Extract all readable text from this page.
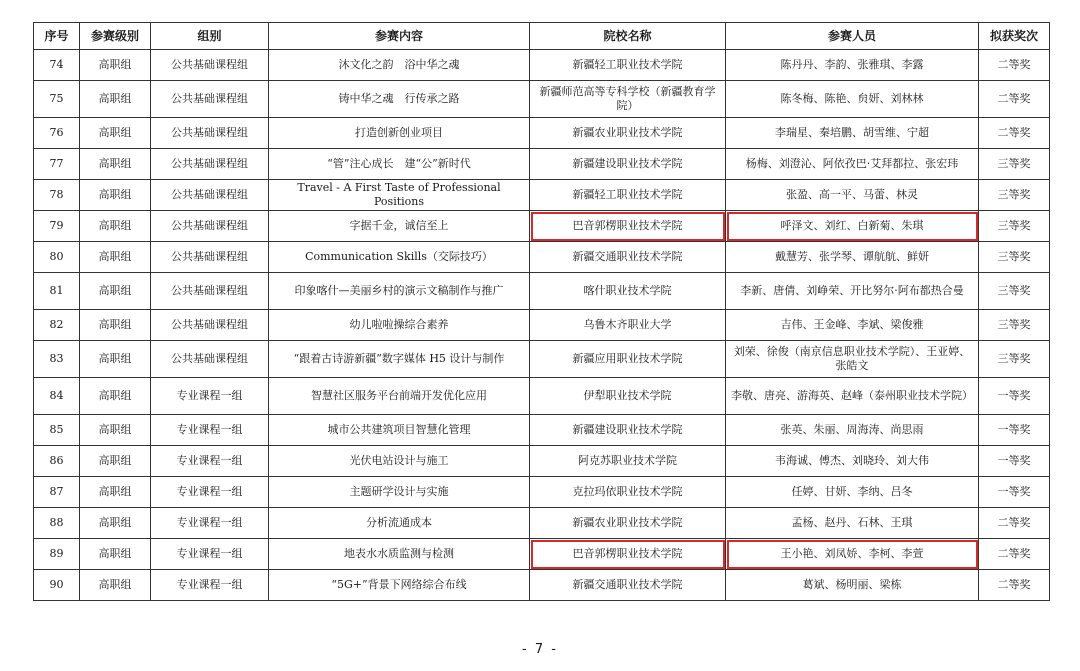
序号	参赛级别	组别	参赛内容	院校名称	参赛人员	拟获奖次
74	高职组	公共基础课程组	沐文化之韵　浴中华之魂	新疆轻工职业技术学院	陈丹丹、李韵、张雅琪、李露	二等奖
75	高职组	公共基础课程组	铸中华之魂　行传承之路	新疆师范高等专科学校（新疆教育学院）	陈冬梅、陈艳、贠妍、刘林林	二等奖
76	高职组	公共基础课程组	打造创新创业项目	新疆农业职业技术学院	李瑞星、秦培鹏、胡雪维、宁超	二等奖
77	高职组	公共基础课程组	“管”注心成长　建“公”新时代	新疆建设职业技术学院	杨梅、刘澄沁、阿依孜巴·艾拜都拉、张宏玮	三等奖
78	高职组	公共基础课程组	Travel - A First Taste of Professional Positions	新疆轻工职业技术学院	张盈、高一平、马蕾、林灵	三等奖
79	高职组	公共基础课程组	字据千金，诚信至上	巴音郭楞职业技术学院	呼泽文、刘红、白新菊、朱琪	三等奖
80	高职组	公共基础课程组	Communication Skills（交际技巧）	新疆交通职业技术学院	戴慧芳、张学琴、谭航航、鲜妍	三等奖
81	高职组	公共基础课程组	印象喀什—美丽乡村的演示文稿制作与推广	喀什职业技术学院	李新、唐倩、刘峥荣、开比努尔·阿布都热合曼	三等奖
82	高职组	公共基础课程组	幼儿啦啦操综合素养	乌鲁木齐职业大学	吉伟、王金峰、李斌、梁俊雅	三等奖
83	高职组	公共基础课程组	“跟着古诗游新疆”数字媒体 H5 设计与制作	新疆应用职业技术学院	刘荣、徐俊（南京信息职业技术学院）、王亚婷、张皓文	三等奖
84	高职组	专业课程一组	智慧社区服务平台前端开发优化应用	伊犁职业技术学院	李敬、唐亮、游海英、赵峰（泰州职业技术学院）	一等奖
85	高职组	专业课程一组	城市公共建筑项目智慧化管理	新疆建设职业技术学院	张英、朱丽、周海涛、尚思雨	一等奖
86	高职组	专业课程一组	光伏电站设计与施工	阿克苏职业技术学院	韦海诚、傅杰、刘晓玲、刘大伟	一等奖
87	高职组	专业课程一组	主题研学设计与实施	克拉玛依职业技术学院	任婷、甘妍、李纳、吕冬	一等奖
88	高职组	专业课程一组	分析流通成本	新疆农业职业技术学院	孟杨、赵丹、石林、王琪	二等奖
89	高职组	专业课程一组	地表水水质监测与检测	巴音郭楞职业技术学院	王小艳、刘凤娇、李柯、李萱	二等奖
90	高职组	专业课程一组	“5G+”背景下网络综合布线	新疆交通职业技术学院	葛斌、杨明丽、梁栋	二等奖
- 7 -
